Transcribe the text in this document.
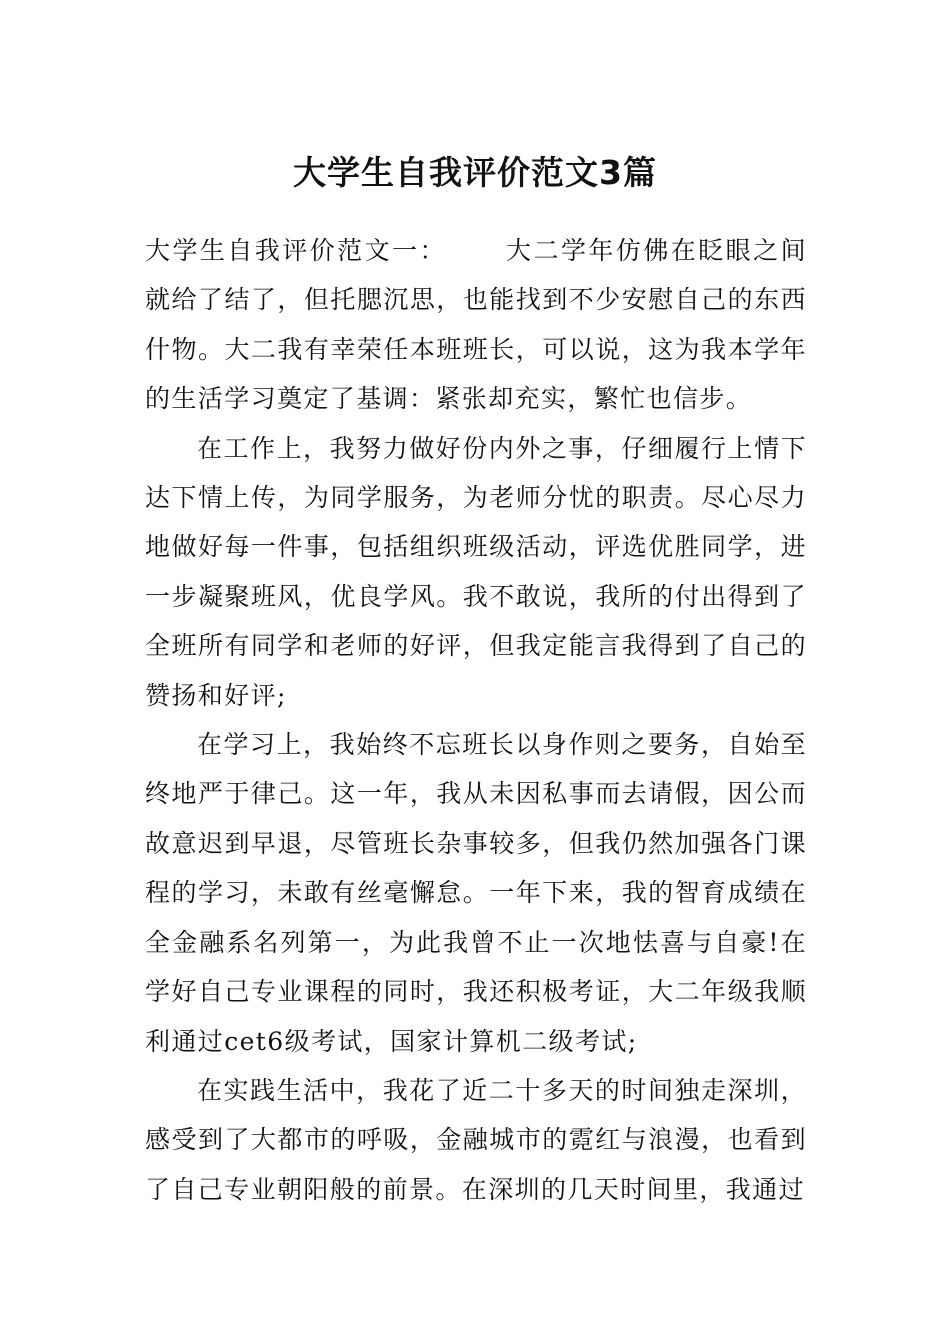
大学生自我评价范文3篇

大学生自我评价范文一： 大二学年仿佛在眨眼之间就给了结了，但托腮沉思，也能找到不少安慰自己的东西什物。大二我有幸荣任本班班长，可以说，这为我本学年的生活学习奠定了基调：紧张却充实，繁忙也信步。

在工作上，我努力做好份内外之事，仔细履行上情下达下情上传，为同学服务，为老师分忧的职责。尽心尽力地做好每一件事，包括组织班级活动，评选优胜同学，进一步凝聚班风，优良学风。我不敢说，我所的付出得到了全班所有同学和老师的好评，但我定能言我得到了自己的赞扬和好评;

在学习上，我始终不忘班长以身作则之要务，自始至终地严于律己。这一年，我从未因私事而去请假，因公而故意迟到早退，尽管班长杂事较多，但我仍然加强各门课程的学习，未敢有丝毫懈怠。一年下来，我的智育成绩在全金融系名列第一，为此我曾不止一次地怯喜与自豪!在学好自己专业课程的同时，我还积极考证，大二年级我顺利通过cet6级考试，国家计算机二级考试;

在实践生活中，我花了近二十多天的时间独走深圳，感受到了大都市的呼吸，金融城市的霓红与浪漫，也看到了自己专业朝阳般的前景。在深圳的几天时间里，我通过
